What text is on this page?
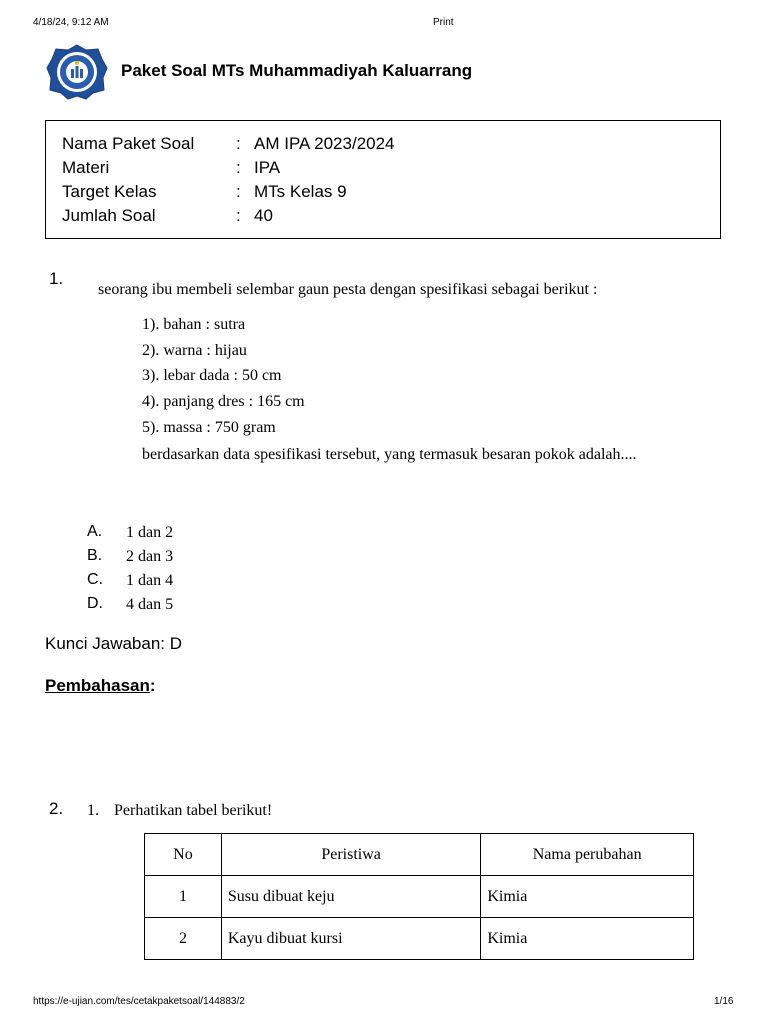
4/18/24, 9:12 AM	Print
Paket Soal MTs Muhammadiyah Kaluarrang
Nama Paket Soal : AM IPA 2023/2024
Materi	: IPA
Target Kelas	: MTs Kelas 9
Jumlah Soal	: 40
1.
seorang ibu membeli selembar gaun pesta dengan spesifikasi sebagai berikut :
1). bahan : sutra
2). warna : hijau
3). lebar dada : 50 cm
4). panjang dres : 165 cm
5). massa : 750 gram
berdasarkan data spesifikasi tersebut, yang termasuk besaran pokok adalah....
A. 1 dan 2
B. 2 dan 3
C. 1 dan 4
D. 4 dan 5
Kunci Jawaban: D
Pembahasan:
2. 1. Perhatikan tabel berikut!
No	Peristiwa	Nama perubahan
1	Susu dibuat keju	Kimia
2	Kayu dibuat kursi	Kimia
https://e-ujian.com/tes/cetakpaketsoal/144883/2	1/16
